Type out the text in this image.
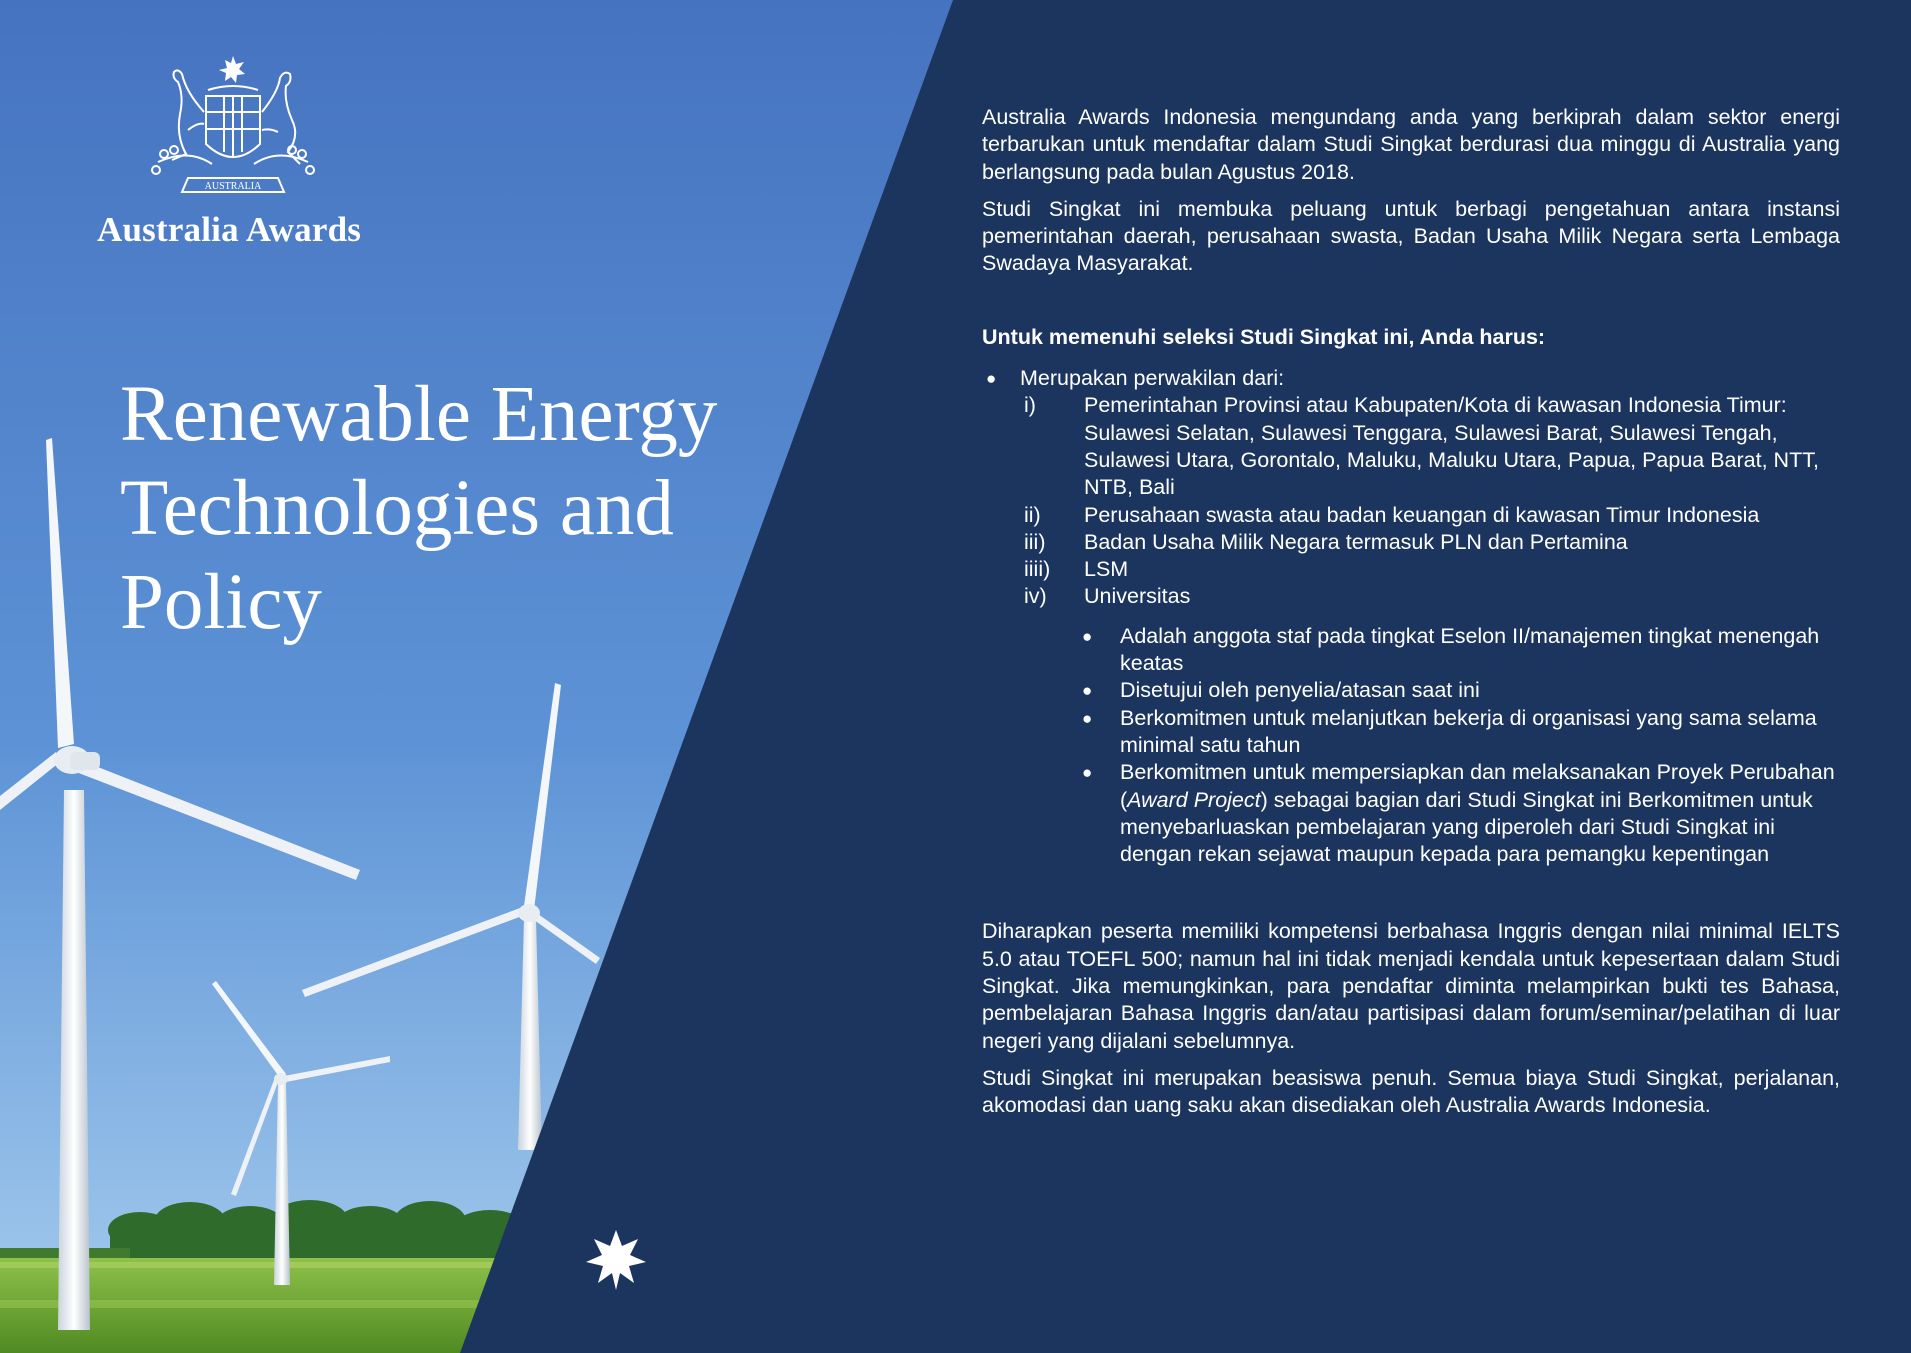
AUSTRALIA
Australia Awards
Renewable Energy
Technologies and
Policy

Australia Awards Indonesia mengundang anda yang berkiprah dalam sektor energi terbarukan untuk mendaftar dalam Studi Singkat berdurasi dua minggu di Australia yang berlangsung pada bulan Agustus 2018.

Studi Singkat ini membuka peluang untuk berbagi pengetahuan antara instansi pemerintahan daerah, perusahaan swasta, Badan Usaha Milik Negara serta Lembaga Swadaya Masyarakat.

Untuk memenuhi seleksi Studi Singkat ini, Anda harus:

● Merupakan perwakilan dari:
i) Pemerintahan Provinsi atau Kabupaten/Kota di kawasan Indonesia Timur: Sulawesi Selatan, Sulawesi Tenggara, Sulawesi Barat, Sulawesi Tengah, Sulawesi Utara, Gorontalo, Maluku, Maluku Utara, Papua, Papua Barat, NTT, NTB, Bali
ii) Perusahaan swasta atau badan keuangan di kawasan Timur Indonesia
iii) Badan Usaha Milik Negara termasuk PLN dan Pertamina
iiii) LSM
iv) Universitas
● Adalah anggota staf pada tingkat Eselon II/manajemen tingkat menengah keatas
● Disetujui oleh penyelia/atasan saat ini
● Berkomitmen untuk melanjutkan bekerja di organisasi yang sama selama minimal satu tahun
● Berkomitmen untuk mempersiapkan dan melaksanakan Proyek Perubahan (Award Project) sebagai bagian dari Studi Singkat ini Berkomitmen untuk menyebarluaskan pembelajaran yang diperoleh dari Studi Singkat ini dengan rekan sejawat maupun kepada para pemangku kepentingan

Diharapkan peserta memiliki kompetensi berbahasa Inggris dengan nilai minimal IELTS 5.0 atau TOEFL 500; namun hal ini tidak menjadi kendala untuk kepesertaan dalam Studi Singkat. Jika memungkinkan, para pendaftar diminta melampirkan bukti tes Bahasa, pembelajaran Bahasa Inggris dan/atau partisipasi dalam forum/seminar/pelatihan di luar negeri yang dijalani sebelumnya.

Studi Singkat ini merupakan beasiswa penuh. Semua biaya Studi Singkat, perjalanan, akomodasi dan uang saku akan disediakan oleh Australia Awards Indonesia.
